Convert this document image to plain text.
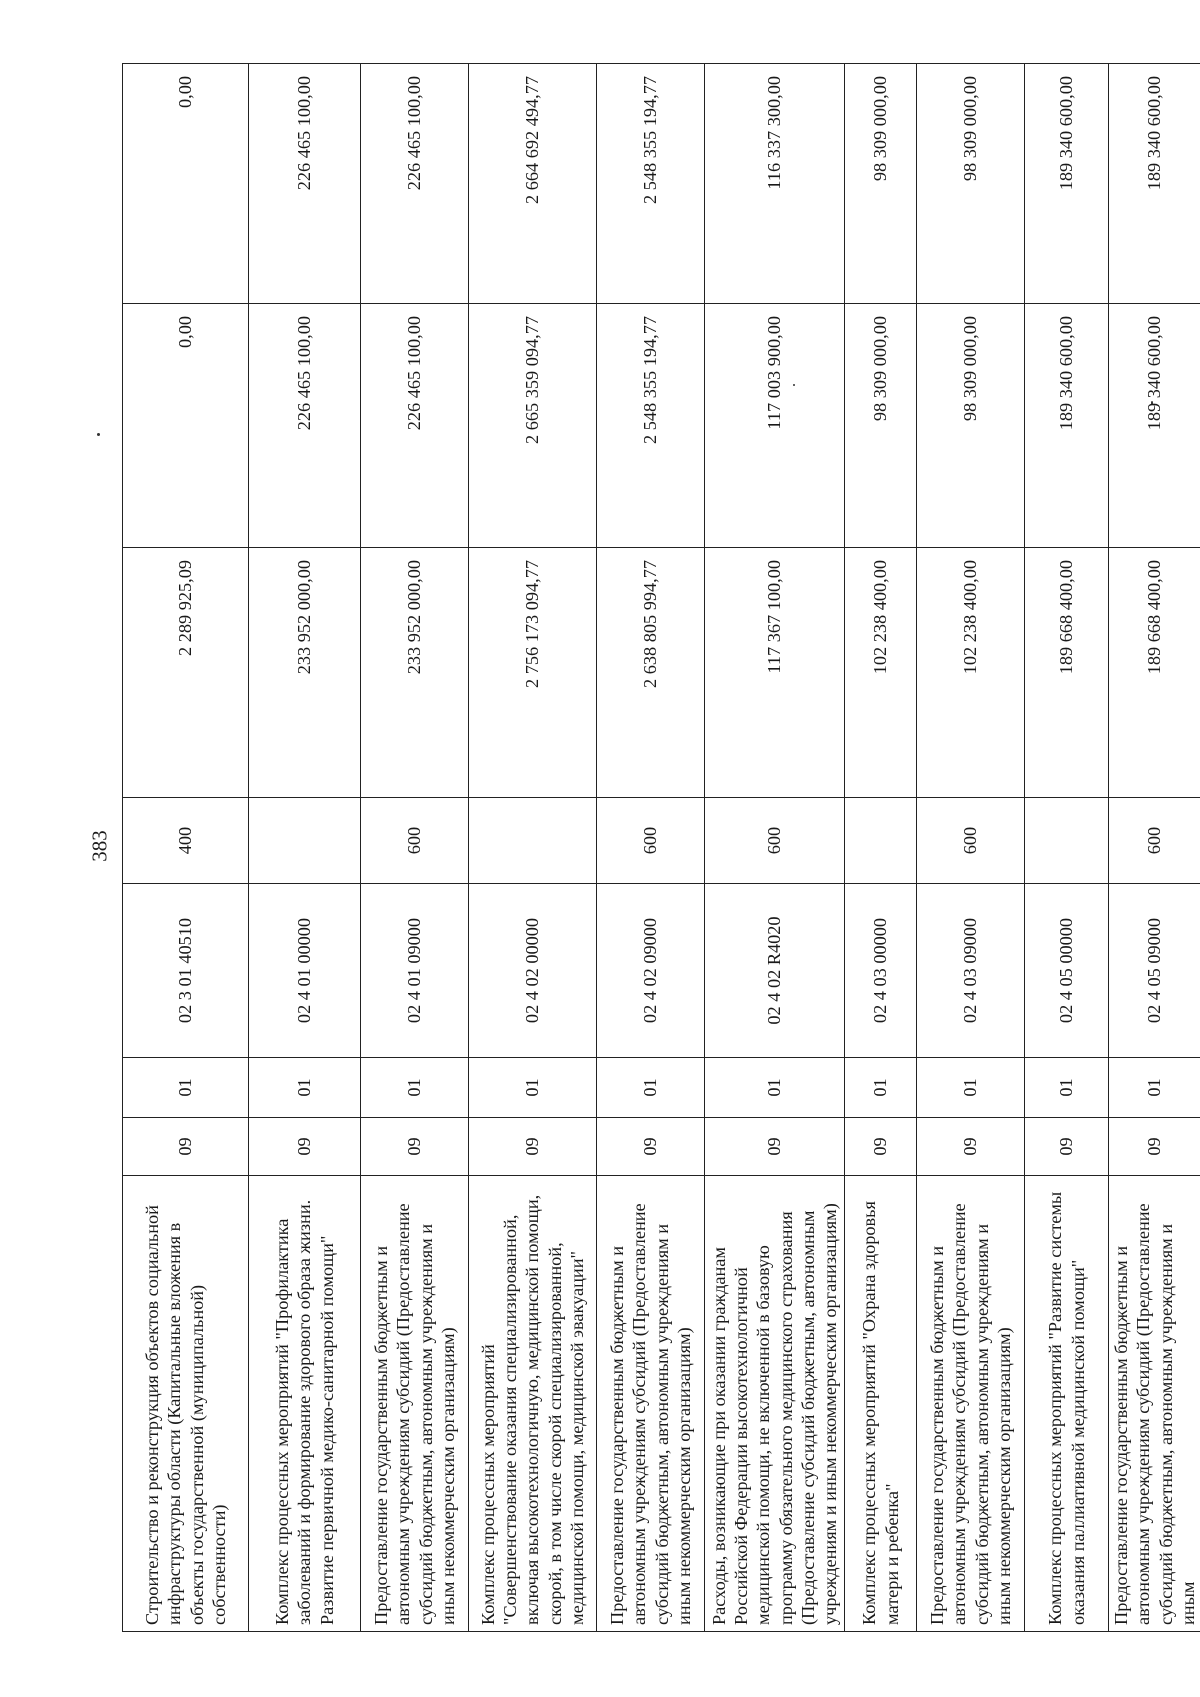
383
Строительство и реконструкция объектов социальной инфраструктуры области (Капитальные вложения в объекты государственной (муниципальной) собственности)	09	01	02 3 01 40510	400	2 289 925,09	0,00	0,00
Комплекс процессных мероприятий "Профилактика заболеваний и формирование здорового образа жизни. Развитие первичной медико-санитарной помощи"	09	01	02 4 01 00000		233 952 000,00	226 465 100,00	226 465 100,00
Предоставление государственным бюджетным и автономным учреждениям субсидий (Предоставление субсидий бюджетным, автономным учреждениям и иным некоммерческим организациям)	09	01	02 4 01 09000	600	233 952 000,00	226 465 100,00	226 465 100,00
Комплекс процессных мероприятий "Совершенствование оказания специализированной, включая высокотехнологичную, медицинской помощи, скорой, в том числе скорой специализированной, медицинской помощи, медицинской эвакуации"	09	01	02 4 02 00000		2 756 173 094,77	2 665 359 094,77	2 664 692 494,77
Предоставление государственным бюджетным и автономным учреждениям субсидий (Предоставление субсидий бюджетным, автономным учреждениям и иным некоммерческим организациям)	09	01	02 4 02 09000	600	2 638 805 994,77	2 548 355 194,77	2 548 355 194,77
Расходы, возникающие при оказании гражданам Российской Федерации высокотехнологичной медицинской помощи, не включенной в базовую программу обязательного медицинского страхования (Предоставление субсидий бюджетным, автономным учреждениям и иным некоммерческим организациям)	09	01	02 4 02 R4020	600	117 367 100,00	117 003 900,00	116 337 300,00
Комплекс процессных мероприятий "Охрана здоровья матери и ребенка"	09	01	02 4 03 00000		102 238 400,00	98 309 000,00	98 309 000,00
Предоставление государственным бюджетным и автономным учреждениям субсидий (Предоставление субсидий бюджетным, автономным учреждениям и иным некоммерческим организациям)	09	01	02 4 03 09000	600	102 238 400,00	98 309 000,00	98 309 000,00
Комплекс процессных мероприятий "Развитие системы оказания паллиативной медицинской помощи"	09	01	02 4 05 00000		189 668 400,00	189 340 600,00	189 340 600,00
Предоставление государственным бюджетным и автономным учреждениям субсидий (Предоставление субсидий бюджетным, автономным учреждениям и иным	09	01	02 4 05 09000	600	189 668 400,00	189 340 600,00	189 340 600,00
